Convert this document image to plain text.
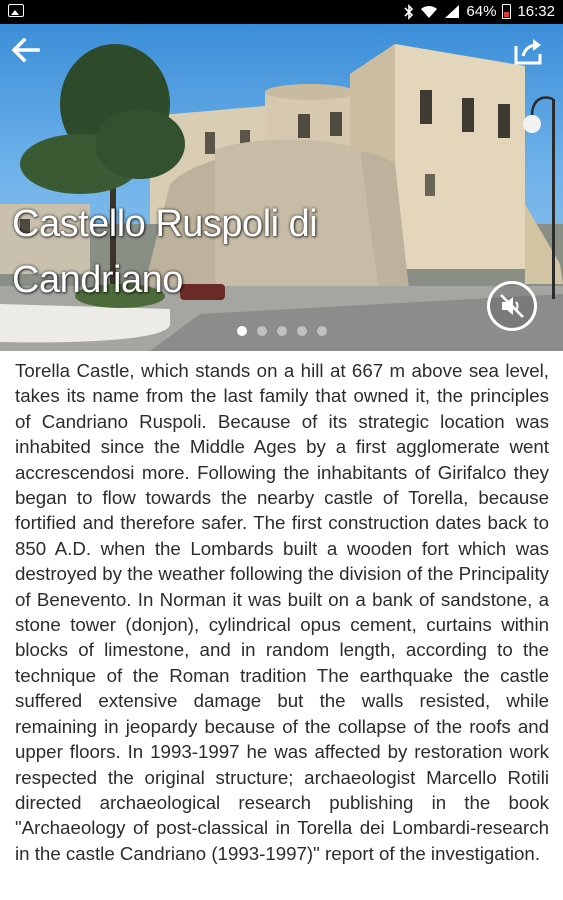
64% 16:32
Castello Ruspoli di Candriano
Torella Castle, which stands on a hill at 667 m above sea level, takes its name from the last family that owned it, the principles of Candriano Ruspoli. Because of its strategic location was inhabited since the Middle Ages by a first agglomerate went accrescendosi more. Following the inhabitants of Girifalco they began to flow towards the nearby castle of Torella, because fortified and therefore safer. The first construction dates back to 850 A.D. when the Lombards built a wooden fort which was destroyed by the weather following the division of the Principality of Benevento. In Norman it was built on a bank of sandstone, a stone tower (donjon), cylindrical opus cement, curtains within blocks of limestone, and in random length, according to the technique of the Roman tradition The earthquake the castle suffered extensive damage but the walls resisted, while remaining in jeopardy because of the collapse of the roofs and upper floors. In 1993-1997 he was affected by restoration work respected the original structure; archaeologist Marcello Rotili directed archaeological research publishing in the book "Archaeology of post-classical in Torella dei Lombardi-research in the castle Candriano (1993-1997)" report of the investigation.
